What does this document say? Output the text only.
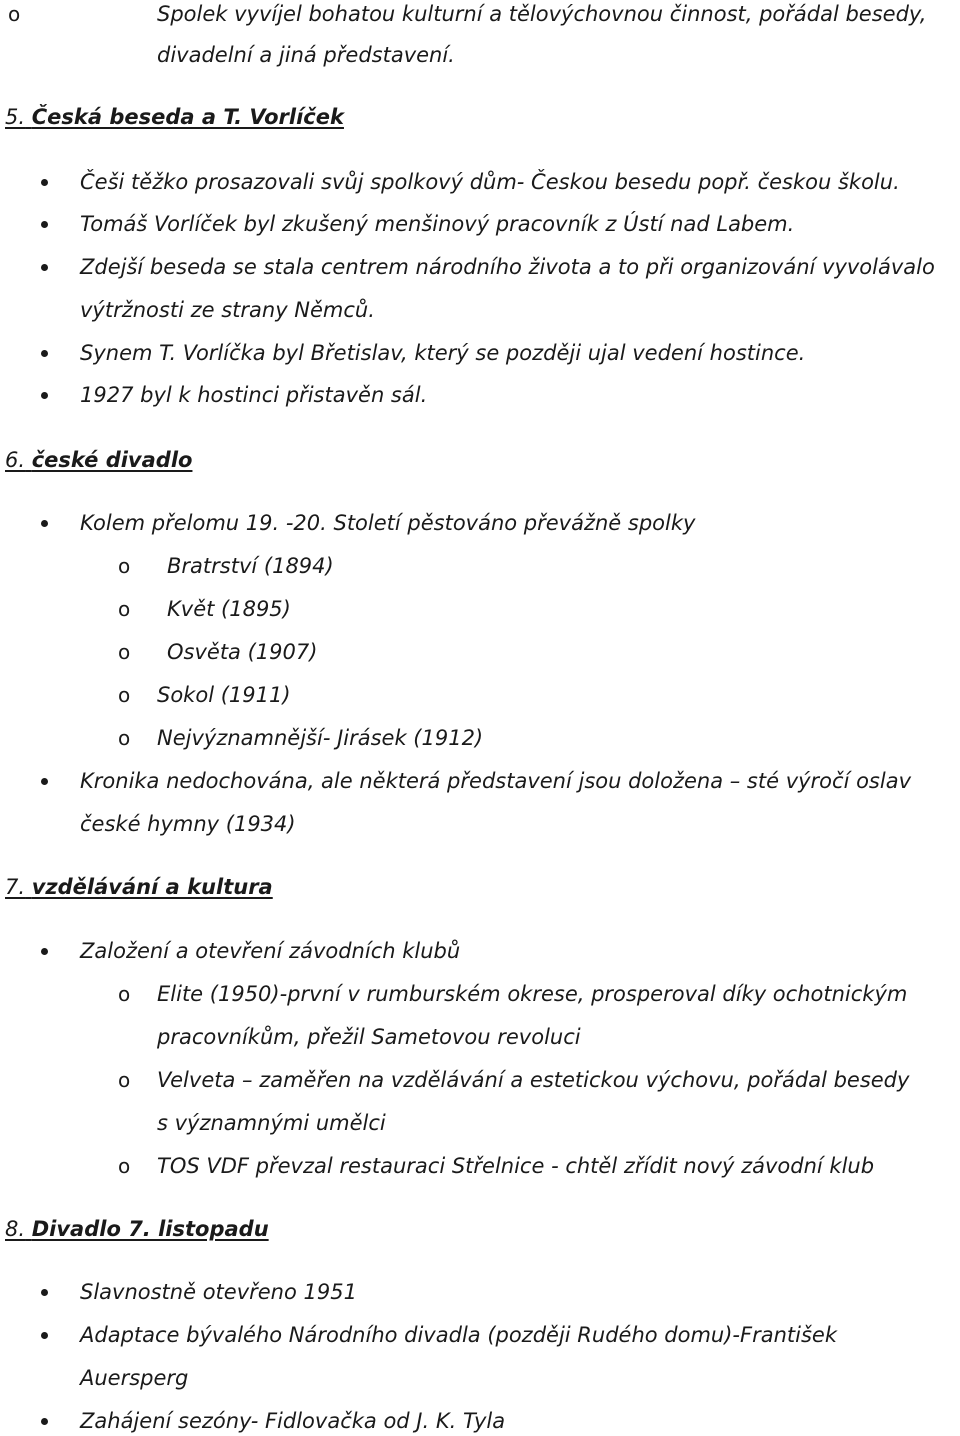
o	Spolek vyvíjel bohatou kulturní a tělovýchovnou činnost, pořádal besedy,
divadelní a jiná představení.
5. Česká beseda a T. Vorlíček
Češi těžko prosazovali svůj spolkový dům- Českou besedu popř. českou školu.
Tomáš Vorlíček byl zkušený menšinový pracovník z Ústí nad Labem.
Zdejší beseda se stala centrem národního života a to při organizování vyvolávalo
výtržnosti ze strany Němců.
Synem T. Vorlíčka byl Břetislav, který se později ujal vedení hostince.
1927 byl k hostinci přistavěn sál.
6. české divadlo
Kolem přelomu 19. -20. Století pěstováno převážně spolky
o Bratrství (1894)
o Květ (1895)
o Osvěta (1907)
o Sokol (1911)
o Nejvýznamnější- Jirásek (1912)
Kronika nedochována, ale některá představení jsou doložena – sté výročí oslav
české hymny (1934)
7. vzdělávání a kultura
Založení a otevření závodních klubů
o Elite (1950)-první v rumburském okrese, prosperoval díky ochotnickým
pracovníkům, přežil Sametovou revoluci
o Velveta – zaměřen na vzdělávání a estetickou výchovu, pořádal besedy
s významnými umělci
o TOS VDF převzal restauraci Střelnice - chtěl zřídit nový závodní klub
8. Divadlo 7. listopadu
Slavnostně otevřeno 1951
Adaptace bývalého Národního divadla (později Rudého domu)-František
Auersperg
Zahájení sezóny- Fidlovačka od J. K. Tyla
